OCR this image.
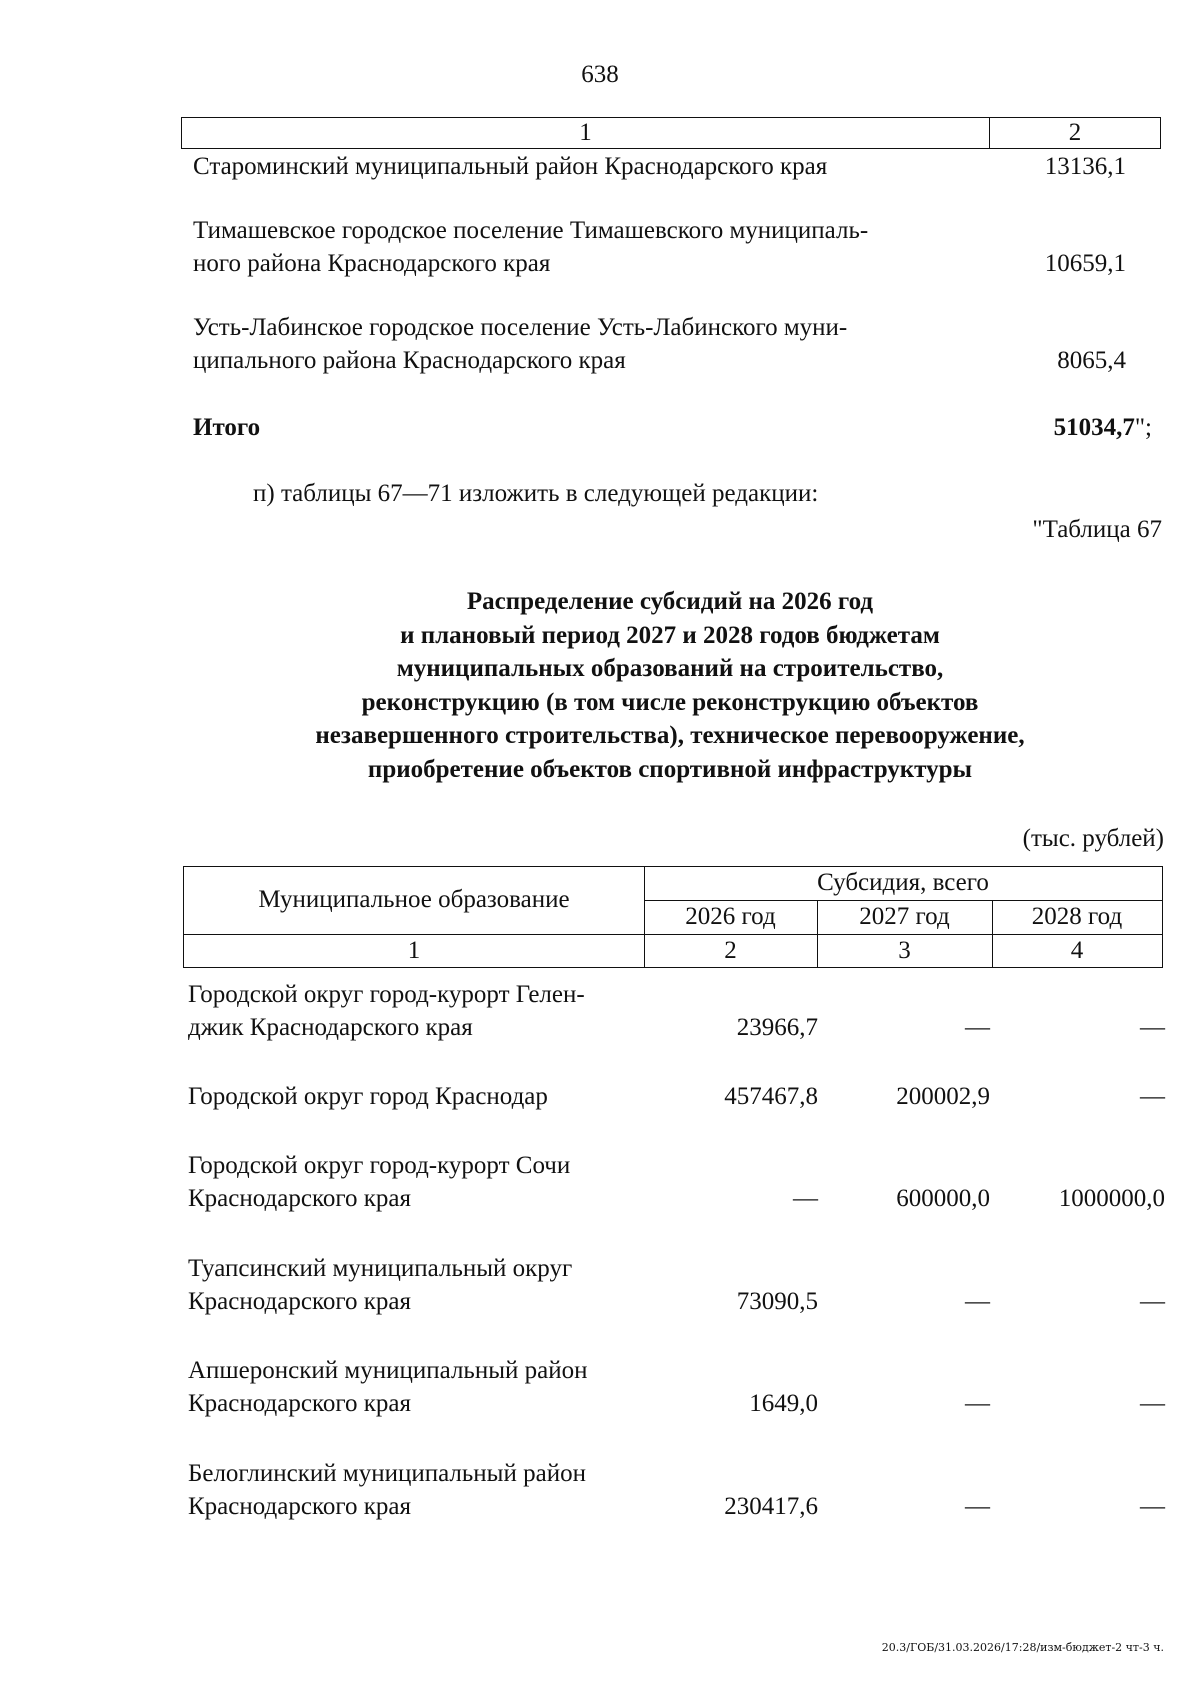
638
1	2
Староминский муниципальный район Краснодарского края	13136,1
Тимашевское городское поселение Тимашевского муниципаль-
ного района Краснодарского края	10659,1
Усть-Лабинское городское поселение Усть-Лабинского муни-
ципального района Краснодарского края	8065,4
Итого	51034,7";
п) таблицы 67—71 изложить в следующей редакции:
"Таблица 67
Распределение субсидий на 2026 год
и плановый период 2027 и 2028 годов бюджетам
муниципальных образований на строительство,
реконструкцию (в том числе реконструкцию объектов
незавершенного строительства), техническое перевооружение,
приобретение объектов спортивной инфраструктуры
(тыс. рублей)
Муниципальное образование
Субсидия, всего
2026 год	2027 год	2028 год
1	2	3	4
Городской округ город-курорт Гелен-
джик Краснодарского края	23966,7	—	—
Городской округ город Краснодар	457467,8	200002,9	—
Городской округ город-курорт Сочи
Краснодарского края	—	600000,0	1000000,0
Туапсинский муниципальный округ
Краснодарского края	73090,5	—	—
Апшеронский муниципальный район
Краснодарского края	1649,0	—	—
Белоглинский муниципальный район
Краснодарского края	230417,6	—	—
20.3/ГОБ/31.03.2026/17:28/изм-бюджет-2 чт-3 ч.
